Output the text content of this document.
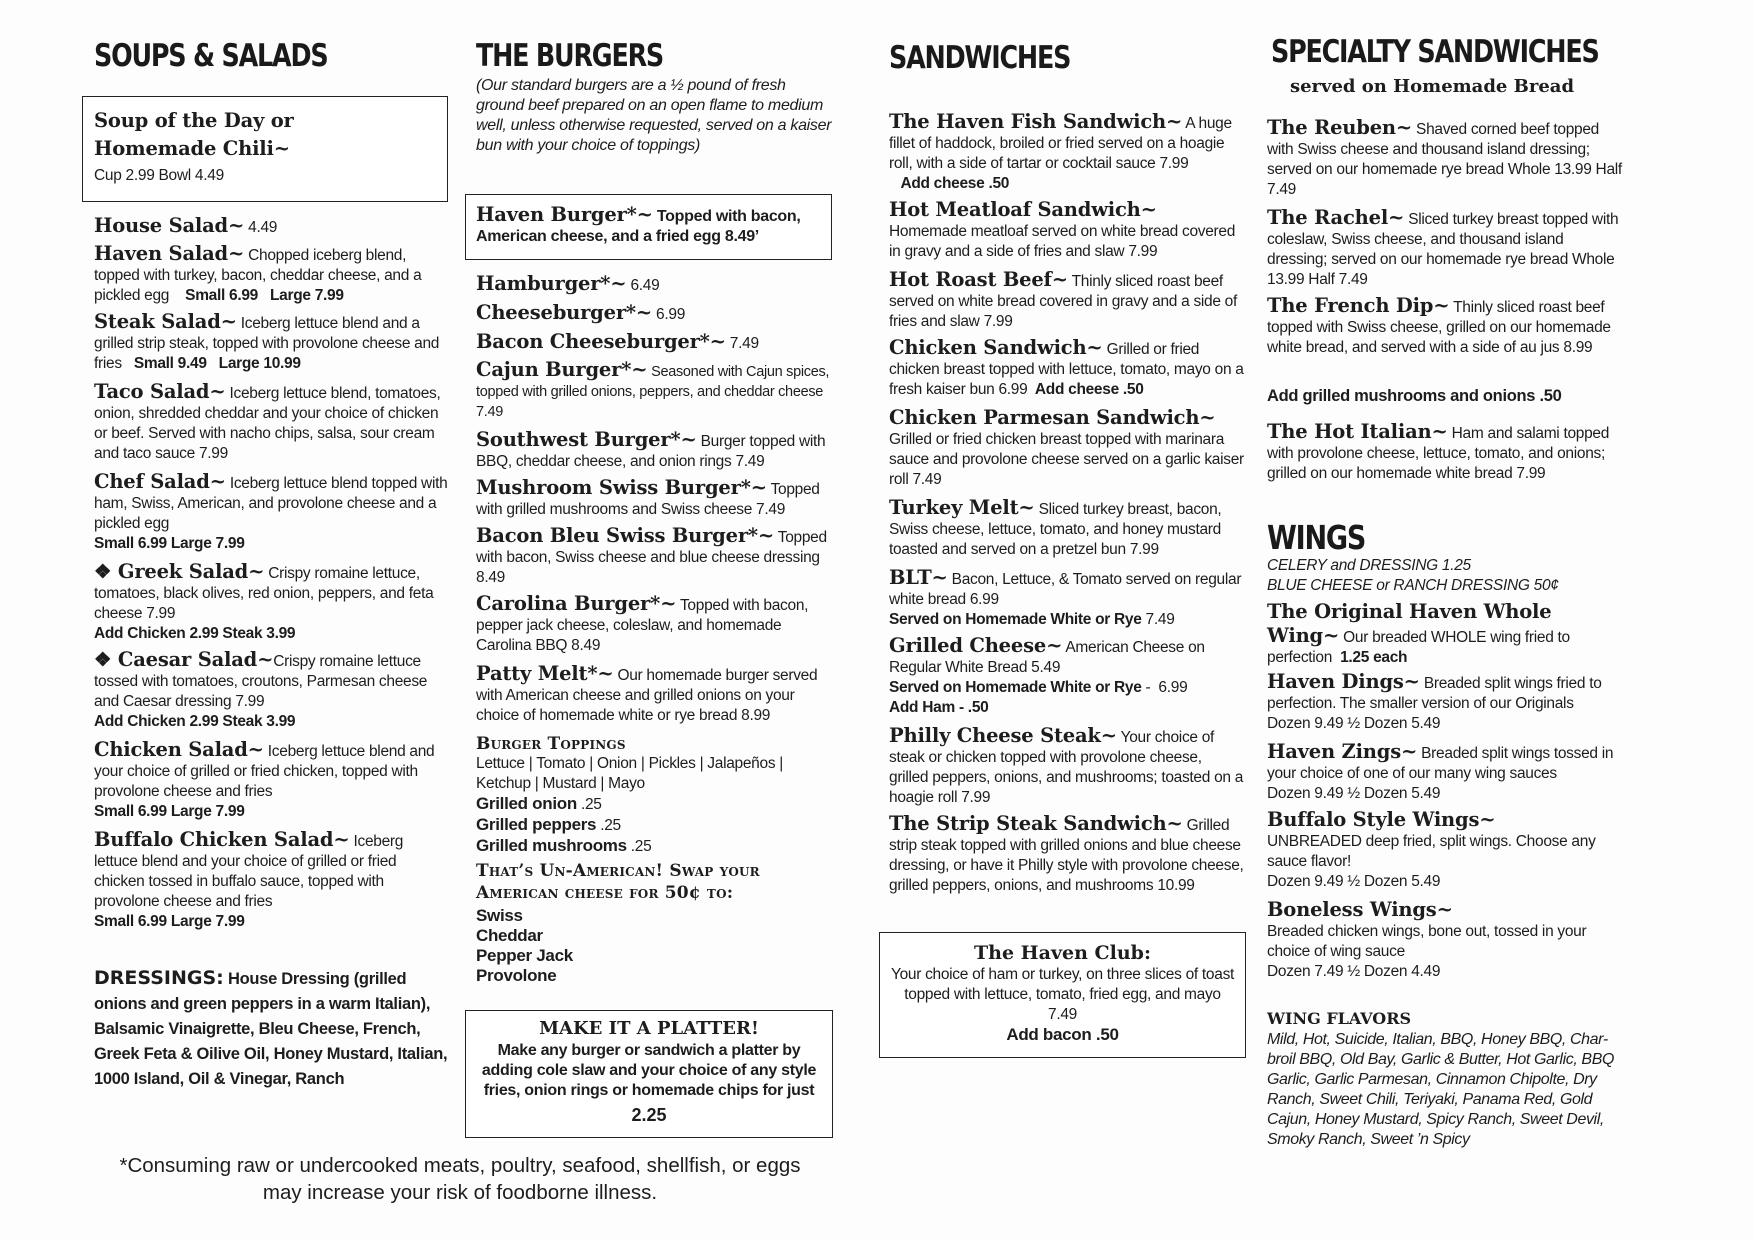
SOUPS & SALADS
Soup of the Day or
Homemade Chili~
Cup 2.99 Bowl 4.49
House Salad~ 4.49
Haven Salad~ Chopped iceberg blend, topped with turkey, bacon, cheddar cheese, and a pickled egg    Small 6.99   Large 7.99
Steak Salad~ Iceberg lettuce blend and a grilled strip steak, topped with provolone cheese and fries   Small 9.49   Large 10.99
Taco Salad~ Iceberg lettuce blend, tomatoes, onion, shredded cheddar and your choice of chicken or beef. Served with nacho chips, salsa, sour cream and taco sauce 7.99
Chef Salad~ Iceberg lettuce blend topped with ham, Swiss, American, and provolone cheese and a pickled egg
Small 6.99 Large 7.99
❖ Greek Salad~ Crispy romaine lettuce, tomatoes, black olives, red onion, peppers, and feta cheese 7.99
Add Chicken 2.99 Steak 3.99
❖ Caesar Salad~Crispy romaine lettuce tossed with tomatoes, croutons, Parmesan cheese and Caesar dressing 7.99
Add Chicken 2.99 Steak 3.99
Chicken Salad~ Iceberg lettuce blend and your choice of grilled or fried chicken, topped with provolone cheese and fries
Small 6.99 Large 7.99
Buffalo Chicken Salad~ Iceberg lettuce blend and your choice of grilled or fried chicken tossed in buffalo sauce, topped with provolone cheese and fries
Small 6.99 Large 7.99
DRESSINGS: House Dressing (grilled onions and green peppers in a warm Italian), Balsamic Vinaigrette, Bleu Cheese, French, Greek Feta & Oilive Oil, Honey Mustard, Italian, 1000 Island, Oil & Vinegar, Ranch
THE BURGERS
(Our standard burgers are a ½ pound of fresh ground beef prepared on an open flame to medium well, unless otherwise requested, served on a kaiser bun with your choice of toppings)
Haven Burger*~ Topped with bacon, American cheese, and a fried egg 8.49’
Hamburger*~ 6.49
Cheeseburger*~ 6.99
Bacon Cheeseburger*~ 7.49
Cajun Burger*~ Seasoned with Cajun spices, topped with grilled onions, peppers, and cheddar cheese 7.49
Southwest Burger*~ Burger topped with BBQ, cheddar cheese, and onion rings 7.49
Mushroom Swiss Burger*~ Topped with grilled mushrooms and Swiss cheese 7.49
Bacon Bleu Swiss Burger*~ Topped with bacon, Swiss cheese and blue cheese dressing 8.49
Carolina Burger*~ Topped with bacon, pepper jack cheese, coleslaw, and homemade Carolina BBQ 8.49
Patty Melt*~ Our homemade burger served with American cheese and grilled onions on your choice of homemade white or rye bread 8.99
Burger Toppings
Lettuce | Tomato | Onion | Pickles | Jalapeños | Ketchup | Mustard | Mayo
Grilled onion .25
Grilled peppers .25
Grilled mushrooms .25
That’s Un-American! Swap your American cheese for 50¢ to:
Swiss
Cheddar
Pepper Jack
Provolone
MAKE IT A PLATTER!
Make any burger or sandwich a platter by adding cole slaw and your choice of any style fries, onion rings or homemade chips for just
2.25
SANDWICHES
The Haven Fish Sandwich~ A huge fillet of haddock, broiled or fried served on a hoagie roll, with a side of tartar or cocktail sauce 7.99   Add cheese .50
Hot Meatloaf Sandwich~
Homemade meatloaf served on white bread covered in gravy and a side of fries and slaw 7.99
Hot Roast Beef~ Thinly sliced roast beef served on white bread covered in gravy and a side of fries and slaw 7.99
Chicken Sandwich~ Grilled or fried chicken breast topped with lettuce, tomato, mayo on a fresh kaiser bun 6.99  Add cheese .50
Chicken Parmesan Sandwich~
Grilled or fried chicken breast topped with marinara sauce and provolone cheese served on a garlic kaiser roll 7.49
Turkey Melt~ Sliced turkey breast, bacon, Swiss cheese, lettuce, tomato, and honey mustard toasted and served on a pretzel bun 7.99
BLT~ Bacon, Lettuce, & Tomato served on regular white bread 6.99
Served on Homemade White or Rye 7.49
Grilled Cheese~ American Cheese on Regular White Bread 5.49
Served on Homemade White or Rye -  6.99
Add Ham - .50
Philly Cheese Steak~ Your choice of steak or chicken topped with provolone cheese, grilled peppers, onions, and mushrooms; toasted on a hoagie roll 7.99
The Strip Steak Sandwich~ Grilled strip steak topped with grilled onions and blue cheese dressing, or have it Philly style with provolone cheese, grilled peppers, onions, and mushrooms 10.99
The Haven Club:
Your choice of ham or turkey, on three slices of toast topped with lettuce, tomato, fried egg, and mayo 7.49
Add bacon .50
SPECIALTY SANDWICHES
served on Homemade Bread
The Reuben~ Shaved corned beef topped with Swiss cheese and thousand island dressing; served on our homemade rye bread Whole 13.99 Half 7.49
The Rachel~ Sliced turkey breast topped with coleslaw, Swiss cheese, and thousand island dressing; served on our homemade rye bread Whole 13.99 Half 7.49
The French Dip~ Thinly sliced roast beef topped with Swiss cheese, grilled on our homemade white bread, and served with a side of au jus 8.99
Add grilled mushrooms and onions .50
The Hot Italian~ Ham and salami topped with provolone cheese, lettuce, tomato, and onions; grilled on our homemade white bread 7.99
WINGS
CELERY and DRESSING 1.25
BLUE CHEESE or RANCH DRESSING 50¢
The Original Haven Whole Wing~ Our breaded WHOLE wing fried to perfection  1.25 each
Haven Dings~ Breaded split wings fried to perfection. The smaller version of our Originals
Dozen 9.49 ½ Dozen 5.49
Haven Zings~ Breaded split wings tossed in your choice of one of our many wing sauces
Dozen 9.49 ½ Dozen 5.49
Buffalo Style Wings~
UNBREADED deep fried, split wings. Choose any sauce flavor!
Dozen 9.49 ½ Dozen 5.49
Boneless Wings~
Breaded chicken wings, bone out, tossed in your choice of wing sauce
Dozen 7.49 ½ Dozen 4.49
WING FLAVORS
Mild, Hot, Suicide, Italian, BBQ, Honey BBQ, Char-broil BBQ, Old Bay, Garlic & Butter, Hot Garlic, BBQ Garlic, Garlic Parmesan, Cinnamon Chipolte, Dry Ranch, Sweet Chili, Teriyaki, Panama Red, Gold Cajun, Honey Mustard, Spicy Ranch, Sweet Devil, Smoky Ranch, Sweet ’n Spicy
*Consuming raw or undercooked meats, poultry, seafood, shellfish, or eggs
may increase your risk of foodborne illness.
